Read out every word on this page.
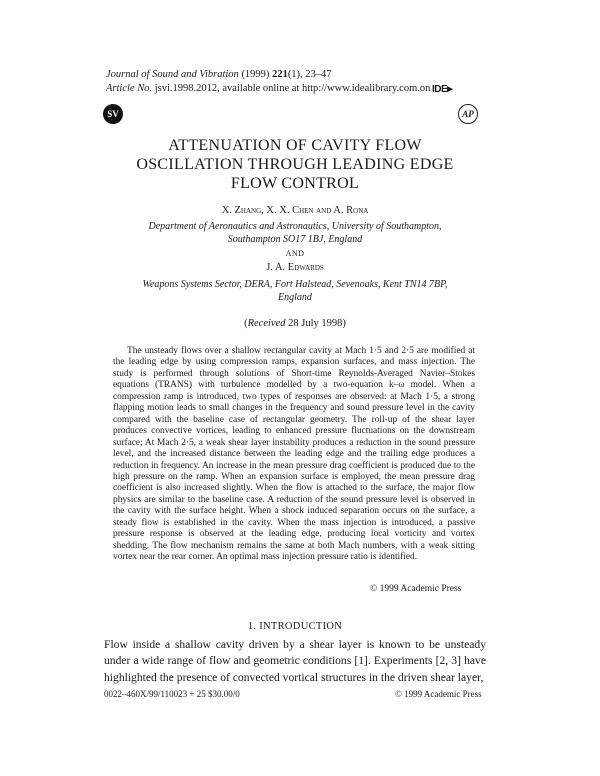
Journal of Sound and Vibration (1999) 221(1), 23–47
Article No. jsvi.1998.2012, available online at http://www.idealibrary.com.on IDE▸
SV	AP
ATTENUATION OF CAVITY FLOW
OSCILLATION THROUGH LEADING EDGE
FLOW CONTROL
X. Zhang, X. X. Chen and A. Rona
Department of Aeronautics and Astronautics, University of Southampton,
Southampton SO17 1BJ, England
AND
J. A. Edwards
Weapons Systems Sector, DERA, Fort Halstead, Sevenoaks, Kent TN14 7BP,
England
(Received 28 July 1998)
The unsteady flows over a shallow rectangular cavity at Mach 1·5 and 2·5 are modified at the leading edge by using compression ramps, expansion surfaces, and mass injection. The study is performed through solutions of Short-time Reynolds-Averaged Navier–Stokes equations (TRANS) with turbulence modelled by a two-equation k–ω model. When a compression ramp is introduced, two types of responses are observed: at Mach 1·5, a strong flapping motion leads to small changes in the frequency and sound pressure level in the cavity compared with the baseline case of rectangular geometry. The roll-up of the shear layer produces convective vortices, leading to enhanced pressure fluctuations on the downstream surface; At Mach 2·5, a weak shear layer instability produces a reduction in the sound pressure level, and the increased distance between the leading edge and the trailing edge produces a reduction in frequency. An increase in the mean pressure drag coefficient is produced due to the high pressure on the ramp. When an expansion surface is employed, the mean pressure drag coefficient is also increased slightly. When the flow is attached to the surface, the major flow physics are similar to the baseline case. A reduction of the sound pressure level is observed in the cavity with the surface height. When a shock induced separation occurs on the surface, a steady flow is established in the cavity. When the mass injection is introduced, a passive pressure response is observed at the leading edge, producing local vorticity and vortex shedding. The flow mechanism remains the same at both Mach numbers, with a weak sitting vortex near the rear corner. An optimal mass injection pressure ratio is identified.
© 1999 Academic Press
1. INTRODUCTION
Flow inside a shallow cavity driven by a shear layer is known to be unsteady under a wide range of flow and geometric conditions [1]. Experiments [2, 3] have highlighted the presence of convected vortical structures in the driven shear layer,
0022–460X/99/110023 + 25 $30.00/0	© 1999 Academic Press
